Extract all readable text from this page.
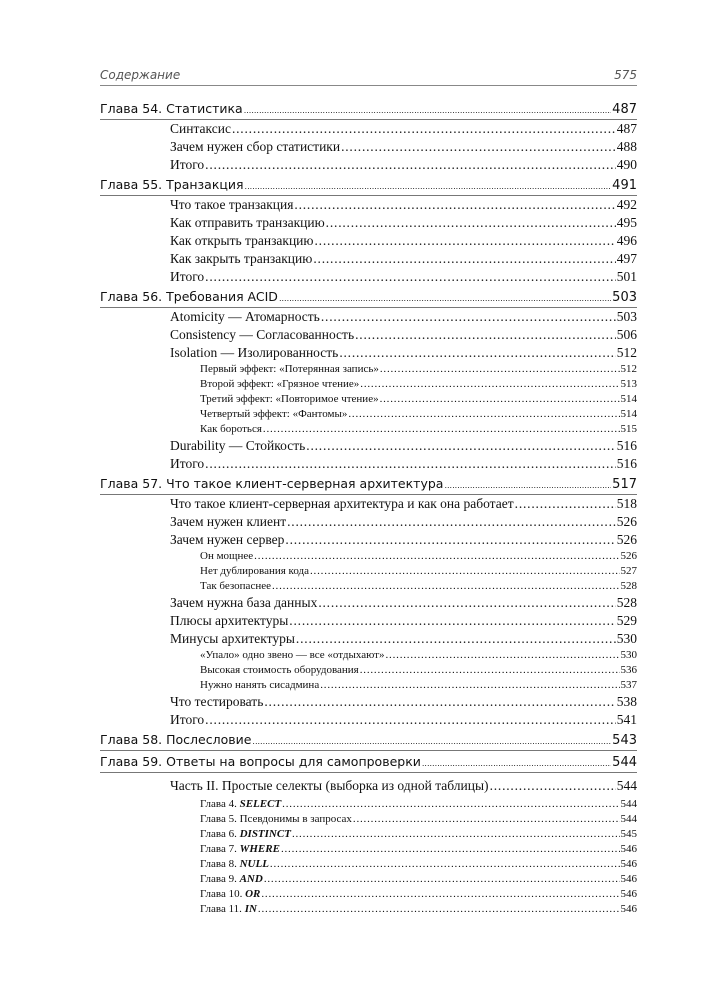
Содержание	575
Глава 54. Статистика .....	487
Синтаксис .....	487
Зачем нужен сбор статистики .....	488
Итого .....	490
Глава 55. Транзакция .....	491
Что такое транзакция .....	492
Как отправить транзакцию .....	495
Как открыть транзакцию .....	496
Как закрыть транзакцию .....	497
Итого .....	501
Глава 56. Требования ACID .....	503
Atomicity — Атомарность .....	503
Consistency — Согласованность .....	506
Isolation — Изолированность .....	512
Первый эффект: «Потерянная запись» .....	512
Второй эффект: «Грязное чтение» .....	513
Третий эффект: «Повторимое чтение» .....	514
Четвертый эффект: «Фантомы» .....	514
Как бороться .....	515
Durability — Стойкость .....	516
Итого .....	516
Глава 57. Что такое клиент-серверная архитектура .....	517
Что такое клиент-серверная архитектура и как она работает .....	518
Зачем нужен клиент .....	526
Зачем нужен сервер .....	526
Он мощнее .....	526
Нет дублирования кода .....	527
Так безопаснее .....	528
Зачем нужна база данных .....	528
Плюсы архитектуры .....	529
Минусы архитектуры .....	530
«Упало» одно звено — все «отдыхают» .....	530
Высокая стоимость оборудования .....	536
Нужно нанять сисадмина .....	537
Что тестировать .....	538
Итого .....	541
Глава 58. Послесловие .....	543
Глава 59. Ответы на вопросы для самопроверки .....	544
Часть II. Простые селекты (выборка из одной таблицы) .....	544
Глава 4. SELECT .....	544
Глава 5. Псевдонимы в запросах .....	544
Глава 6. DISTINCT .....	545
Глава 7. WHERE .....	546
Глава 8. NULL .....	546
Глава 9. AND .....	546
Глава 10. OR .....	546
Глава 11. IN .....	546
